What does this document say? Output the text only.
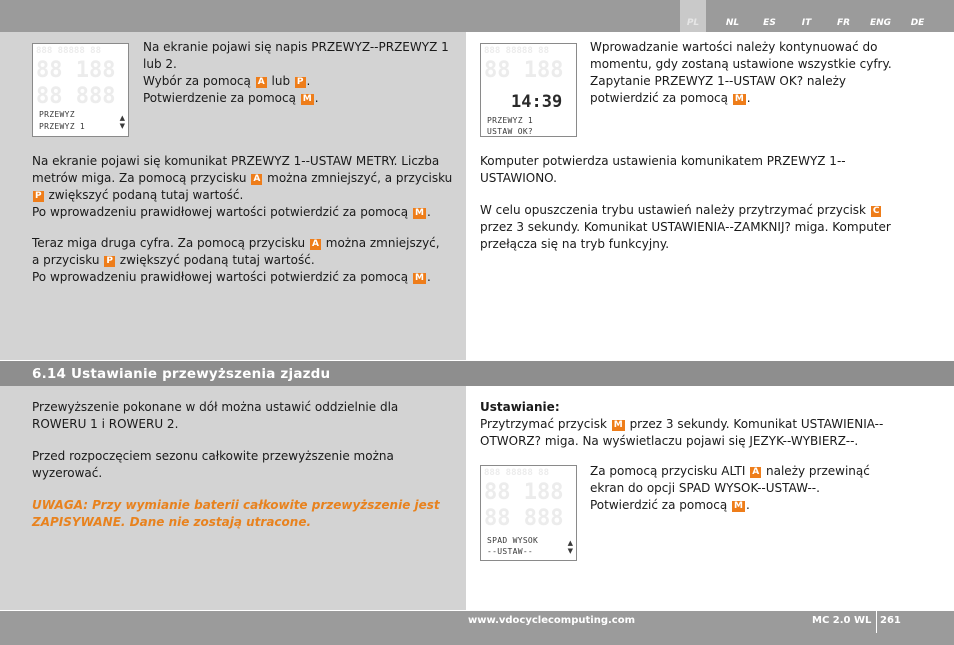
PL	NL	ES	IT	FR	ENG	DE
888 88888 88
88 188
88 888
PRZEWYZ
PRZEWYZ 1
▲
▼
Na ekranie pojawi się napis PRZEWYZ--PRZEWYZ 1
lub 2.
Wybór za pomocą A lub P .
Potwierdzenie za pomocą M .
Na ekranie pojawi się komunikat PRZEWYZ 1--USTAW METRY. Liczba
metrów miga. Za pomocą przycisku A można zmniejszyć, a przycisku
P zwiększyć podaną tutaj wartość.
Po wprowadzeniu prawidłowej wartości potwierdzić za pomocą M .
Teraz miga druga cyfra. Za pomocą przycisku A można zmniejszyć,
a przycisku P zwiększyć podaną tutaj wartość.
Po wprowadzeniu prawidłowej wartości potwierdzić za pomocą M .
888 88888 88
88 188
14:39
PRZEWYZ 1
USTAW OK?
Wprowadzanie wartości należy kontynuować do
momentu, gdy zostaną ustawione wszystkie cyfry.
Zapytanie PRZEWYZ 1--USTAW OK? należy
potwierdzić za pomocą M .
Komputer potwierdza ustawienia komunikatem PRZEWYZ 1--
USTAWIONO.
W celu opuszczenia trybu ustawień należy przytrzymać przycisk C
przez 3 sekundy. Komunikat USTAWIENIA--ZAMKNIJ? miga. Komputer
przełącza się na tryb funkcyjny.
6.14 Ustawianie przewyższenia zjazdu
Przewyższenie pokonane w dół można ustawić oddzielnie dla
ROWERU 1 i ROWERU 2.
Przed rozpoczęciem sezonu całkowite przewyższenie można
wyzerować.
UWAGA: Przy wymianie baterii całkowite przewyższenie jest
ZAPISYWANE. Dane nie zostają utracone.
Ustawianie:
Przytrzymać przycisk M przez 3 sekundy. Komunikat USTAWIENIA--
OTWORZ? miga. Na wyświetlaczu pojawi się JEZYK--WYBIERZ--.
888 88888 88
88 188
88 888
SPAD WYSOK
--USTAW--
▲
▼
Za pomocą przycisku ALTI A należy przewinąć
ekran do opcji SPAD WYSOK--USTAW--.
Potwierdzić za pomocą M .
www.vdocyclecomputing.com	MC 2.0 WL 261
